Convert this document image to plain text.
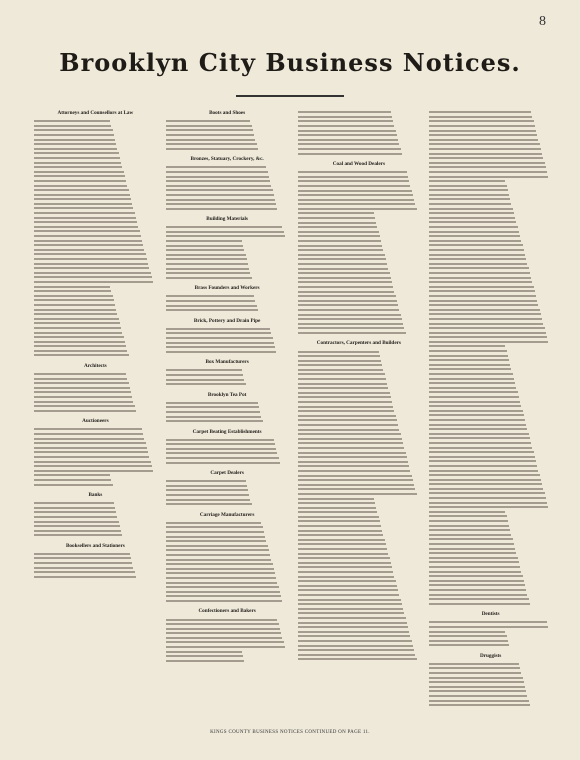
8
Brooklyn City Business Notices.
Attorneys and Counsellors at Law
Architects
Auctioneers
Banks
Booksellers and Stationers
Boots and Shoes
Bronzes, Statuary, Crockery, &c.
Building Materials
Brass Founders and Workers
Brick, Pottery and Drain Pipe
Box Manufacturers
Brooklyn Tea Pot
Carpet Beating Establishments
Carpet Dealers
Carriage Manufacturers
Confectioners and Bakers
Coal and Wood Dealers
Contractors, Carpenters and Builders
Dentists
Druggists
KINGS COUNTY BUSINESS NOTICES CONTINUED ON PAGE 11.
